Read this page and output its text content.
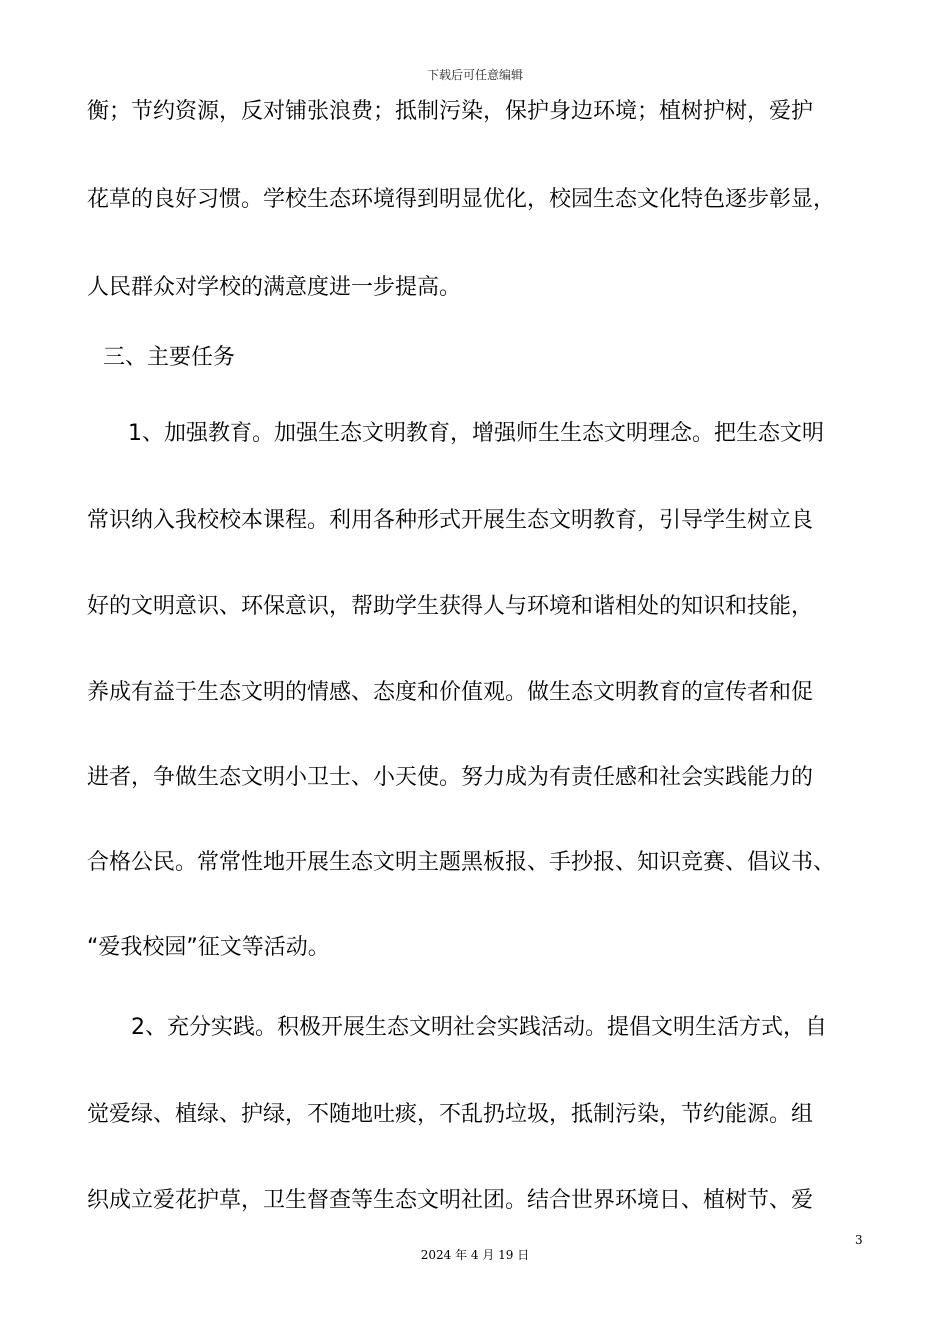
下载后可任意编辑
衡；节约资源，反对铺张浪费；抵制污染，保护身边环境；植树护树，爱护
花草的良好习惯。学校生态环境得到明显优化，校园生态文化特色逐步彰显，
人民群众对学校的满意度进一步提高。
三、主要任务
1、加强教育。加强生态文明教育，增强师生生态文明理念。把生态文明
常识纳入我校校本课程。利用各种形式开展生态文明教育，引导学生树立良
好的文明意识、环保意识，帮助学生获得人与环境和谐相处的知识和技能，
养成有益于生态文明的情感、态度和价值观。做生态文明教育的宣传者和促
进者，争做生态文明小卫士、小天使。努力成为有责任感和社会实践能力的
合格公民。常常性地开展生态文明主题黑板报、手抄报、知识竞赛、倡议书、
“爱我校园”征文等活动。
2、充分实践。积极开展生态文明社会实践活动。提倡文明生活方式，自
觉爱绿、植绿、护绿，不随地吐痰，不乱扔垃圾，抵制污染，节约能源。组
织成立爱花护草，卫生督查等生态文明社团。结合世界环境日、植树节、爱
3
2024 年 4 月 19 日
